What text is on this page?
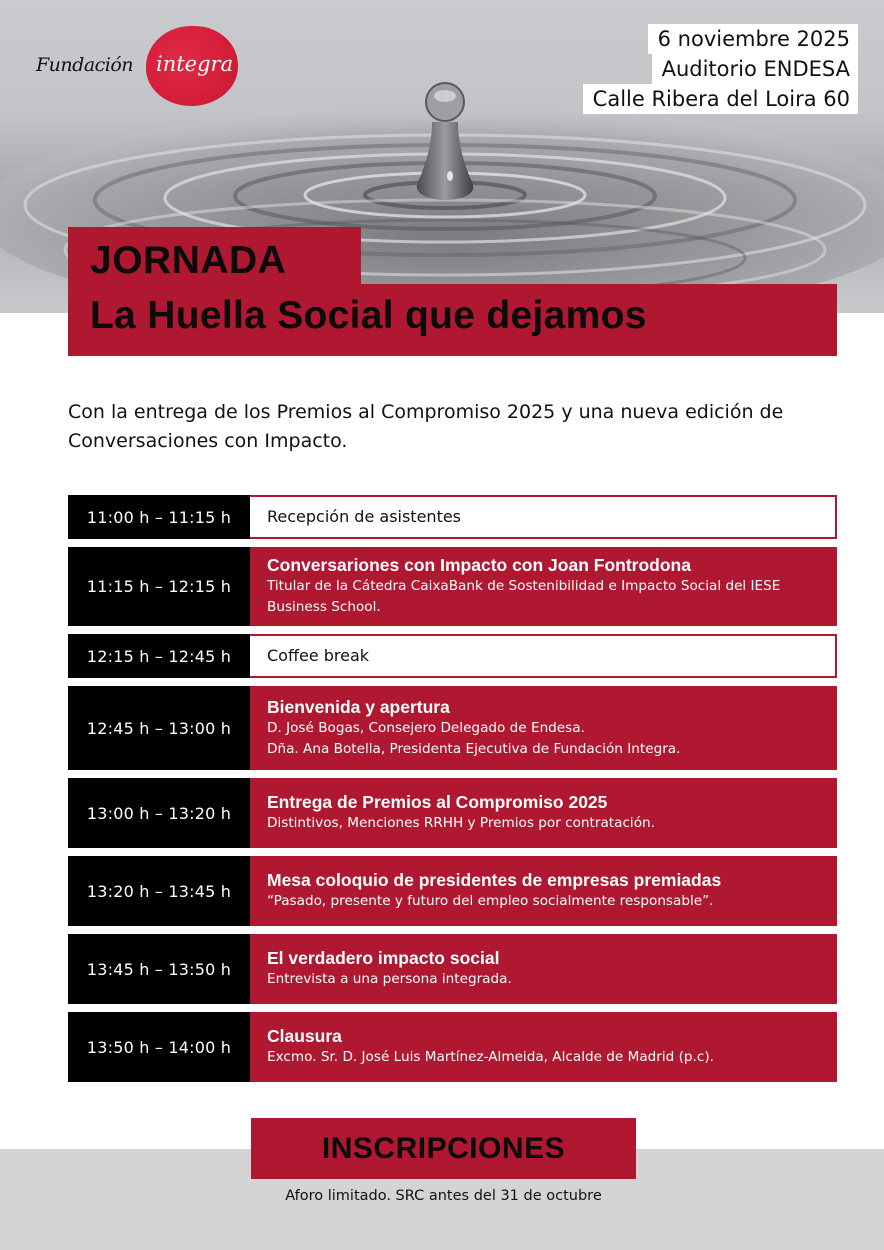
Fundación integra
6 noviembre 2025
Auditorio ENDESA
Calle Ribera del Loira 60
JORNADA
La Huella Social que dejamos

Con la entrega de los Premios al Compromiso 2025 y una nueva edición de Conversaciones con Impacto.

11:00 h – 11:15 h	Recepción de asistentes
11:15 h – 12:15 h
Conversariones con Impacto con Joan Fontrodona
Titular de la Cátedra CaixaBank de Sostenibilidad e Impacto Social del IESE Business School.
12:15 h – 12:45 h	Coffee break
12:45 h – 13:00 h
Bienvenida y apertura
D. José Bogas, Consejero Delegado de Endesa.
Dña. Ana Botella, Presidenta Ejecutiva de Fundación Integra.
13:00 h – 13:20 h
Entrega de Premios al Compromiso 2025
Distintivos, Menciones RRHH y Premios por contratación.
13:20 h – 13:45 h
Mesa coloquio de presidentes de empresas premiadas
“Pasado, presente y futuro del empleo socialmente responsable”.
13:45 h – 13:50 h
El verdadero impacto social
Entrevista a una persona integrada.
13:50 h – 14:00 h
Clausura
Excmo. Sr. D. José Luis Martínez-Almeida, Alcalde de Madrid (p.c).
INSCRIPCIONES
Aforo limitado. SRC antes del 31 de octubre
